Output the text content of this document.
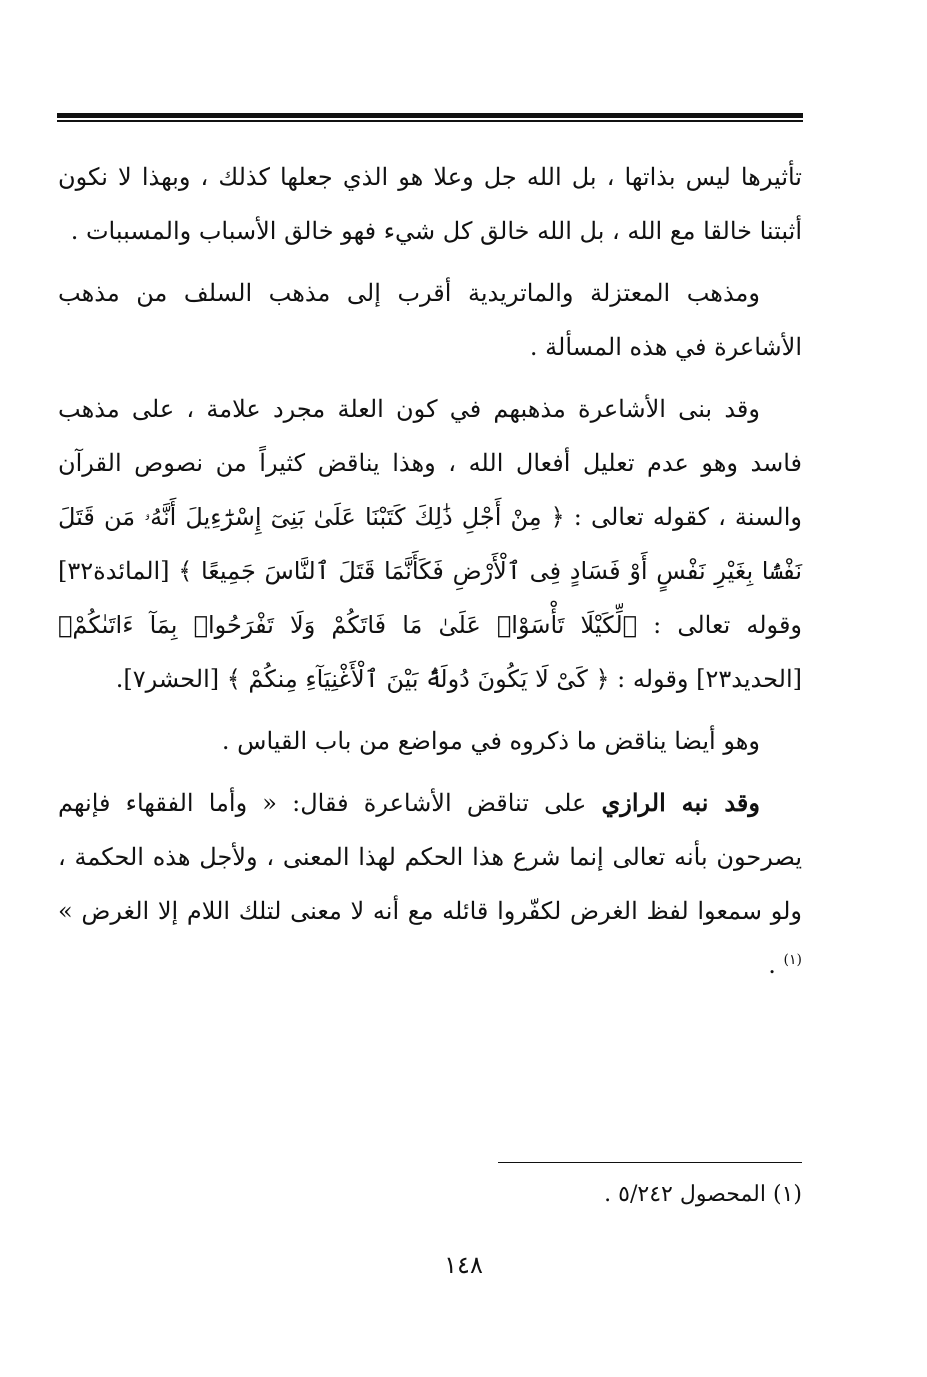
تأثيرها ليس بذاتها ، بل الله جل وعلا هو الذي جعلها كذلك ، وبهذا لا نكون أثبتنا خالقا مع الله ، بل الله خالق كل شيء فهو خالق الأسباب والمسببات .

ومذهب المعتزلة والماتريدية أقرب إلى مذهب السلف من مذهب الأشاعرة في هذه المسألة .

وقد بنى الأشاعرة مذهبهم في كون العلة مجرد علامة ، على مذهب فاسد وهو عدم تعليل أفعال الله ، وهذا يناقض كثيراً من نصوص القرآن والسنة ، كقوله تعالى : ﴿ مِنْ أَجْلِ ذَٰلِكَ كَتَبْنَا عَلَىٰ بَنِىٓ إِسْرَٰٓءِيلَ أَنَّهُۥ مَن قَتَلَ نَفْسًۢا بِغَيْرِ نَفْسٍ أَوْ فَسَادٍ فِى ٱلْأَرْضِ فَكَأَنَّمَا قَتَلَ ٱلنَّاسَ جَمِيعًا ﴾ [المائدة٣٢] وقوله تعالى : ﴿لِّكَيْلَا تَأْسَوْا۟ عَلَىٰ مَا فَاتَكُمْ وَلَا تَفْرَحُوا۟ بِمَآ ءَاتَىٰكُمْ﴾ [الحديد٢٣] وقوله : ﴿ كَىْ لَا يَكُونَ دُولَةًۢ بَيْنَ ٱلْأَغْنِيَآءِ مِنكُمْ ﴾ [الحشر٧].

وهو أيضا يناقض ما ذكروه في مواضع من باب القياس .

وقد نبه الرازي على تناقض الأشاعرة فقال: « وأما الفقهاء فإنهم يصرحون بأنه تعالى إنما شرع هذا الحكم لهذا المعنى ، ولأجل هذه الحكمة ، ولو سمعوا لفظ الغرض لكفّروا قائله مع أنه لا معنى لتلك اللام إلا الغرض » $^{(١)}$ .

(١) المحصول ٥/٢٤٢ .
١٤٨
